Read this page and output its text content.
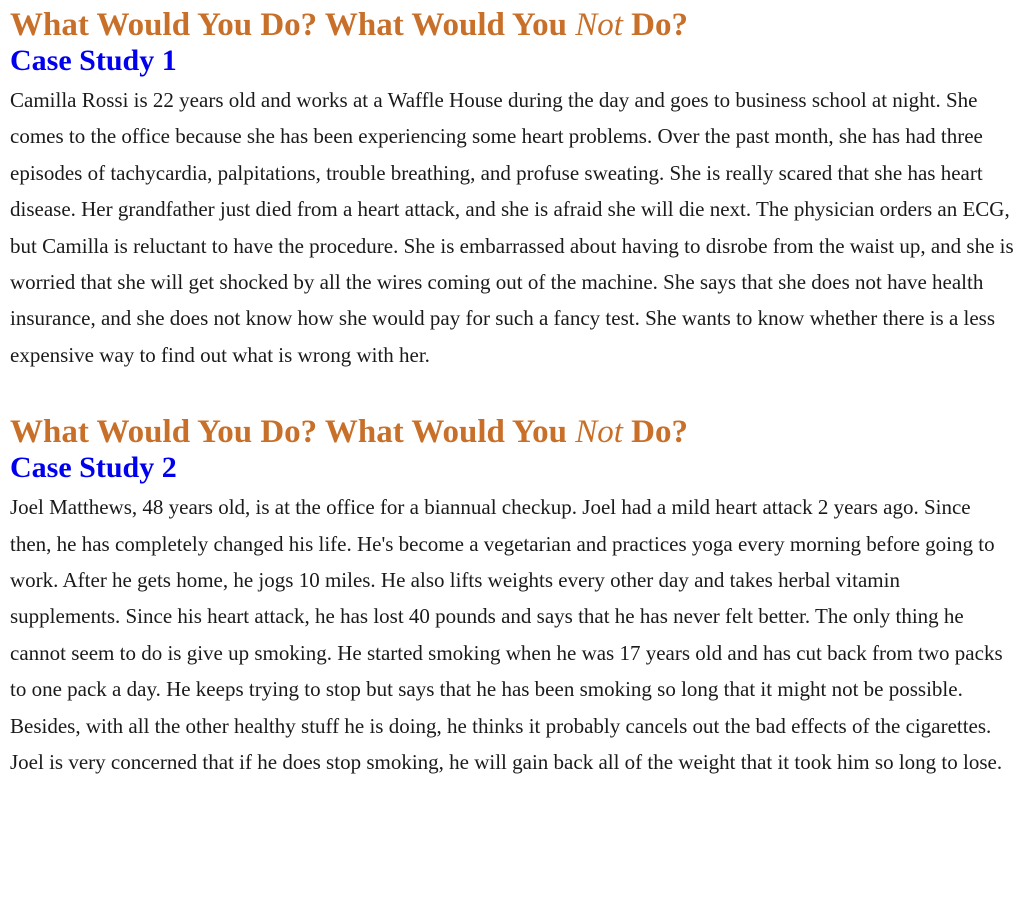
What Would You Do? What Would You Not Do?
Case Study 1

Camilla Rossi is 22 years old and works at a Waffle House during the day and goes to business school at night. She comes to the office because she has been experiencing some heart problems. Over the past month, she has had three episodes of tachycardia, palpitations, trouble breathing, and profuse sweating. She is really scared that she has heart disease. Her grandfather just died from a heart attack, and she is afraid she will die next. The physician orders an ECG, but Camilla is reluctant to have the procedure. She is embarrassed about having to disrobe from the waist up, and she is worried that she will get shocked by all the wires coming out of the machine. She says that she does not have health insurance, and she does not know how she would pay for such a fancy test. She wants to know whether there is a less expensive way to find out what is wrong with her.

What Would You Do? What Would You Not Do?
Case Study 2

Joel Matthews, 48 years old, is at the office for a biannual checkup. Joel had a mild heart attack 2 years ago. Since then, he has completely changed his life. He's become a vegetarian and practices yoga every morning before going to work. After he gets home, he jogs 10 miles. He also lifts weights every other day and takes herbal vitamin supplements. Since his heart attack, he has lost 40 pounds and says that he has never felt better. The only thing he cannot seem to do is give up smoking. He started smoking when he was 17 years old and has cut back from two packs to one pack a day. He keeps trying to stop but says that he has been smoking so long that it might not be possible. Besides, with all the other healthy stuff he is doing, he thinks it probably cancels out the bad effects of the cigarettes. Joel is very concerned that if he does stop smoking, he will gain back all of the weight that it took him so long to lose.
